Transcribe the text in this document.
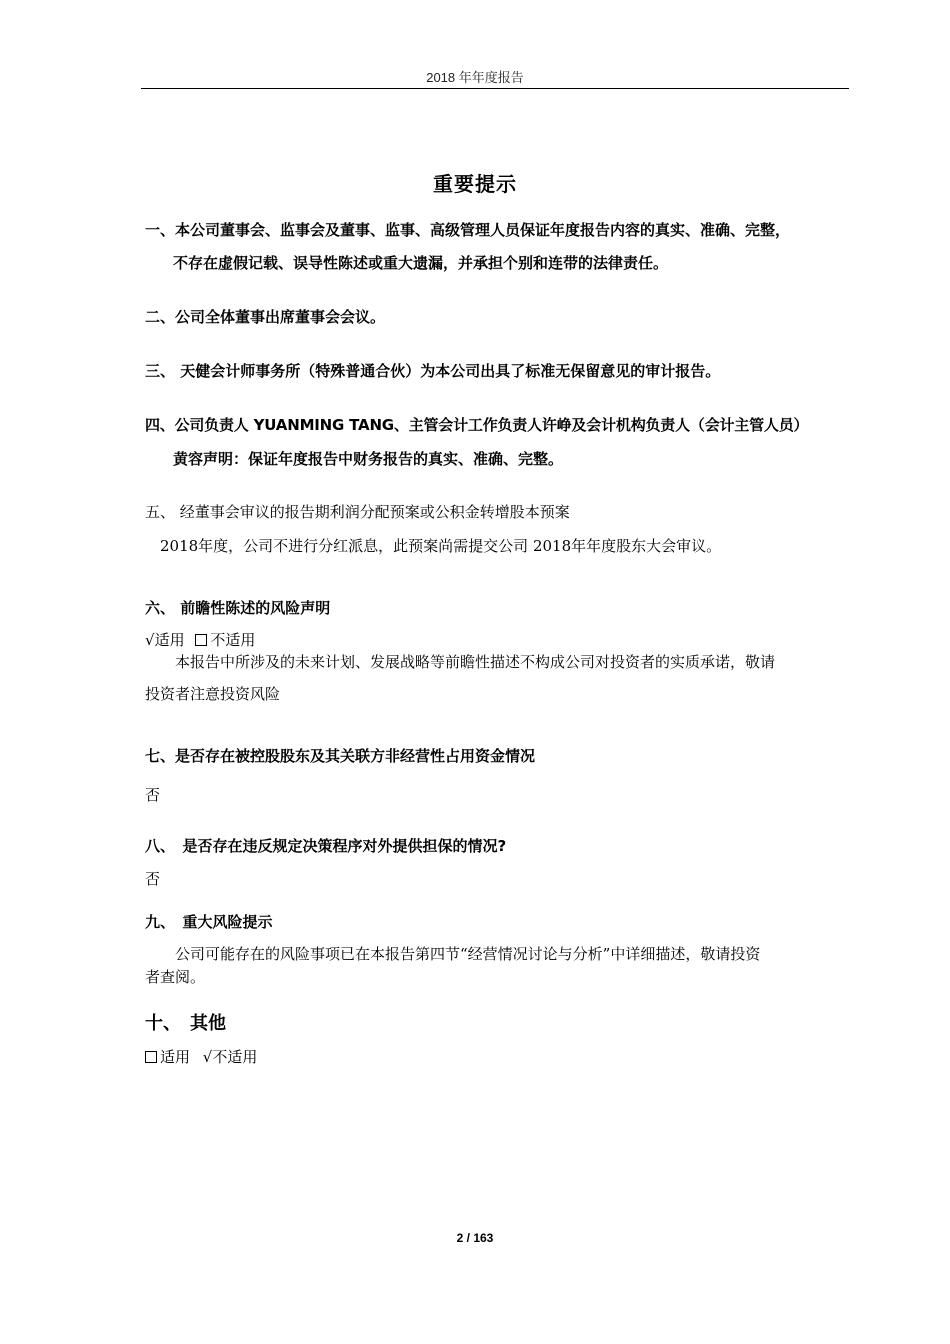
2018 年年度报告
重要提示
一、本公司董事会、监事会及董事、监事、高级管理人员保证年度报告内容的真实、准确、完整，
不存在虚假记载、误导性陈述或重大遗漏，并承担个别和连带的法律责任。
二、公司全体董事出席董事会会议。
三、 天健会计师事务所（特殊普通合伙）为本公司出具了标准无保留意见的审计报告。
四、公司负责人 YUANMING TANG、主管会计工作负责人许峥及会计机构负责人（会计主管人员）
黄容声明：保证年度报告中财务报告的真实、准确、完整。
五、 经董事会审议的报告期利润分配预案或公积金转增股本预案
2018年度，公司不进行分红派息，此预案尚需提交公司 2018年年度股东大会审议。
六、 前瞻性陈述的风险声明
√适用 不适用
本报告中所涉及的未来计划、发展战略等前瞻性描述不构成公司对投资者的实质承诺，敬请
投资者注意投资风险
七、是否存在被控股股东及其关联方非经营性占用资金情况
否
八、　是否存在违反规定决策程序对外提供担保的情况?
否
九、　重大风险提示
公司可能存在的风险事项已在本报告第四节“经营情况讨论与分析”中详细描述，敬请投资
者查阅。
十、　其他
适用 √不适用
2 / 163
